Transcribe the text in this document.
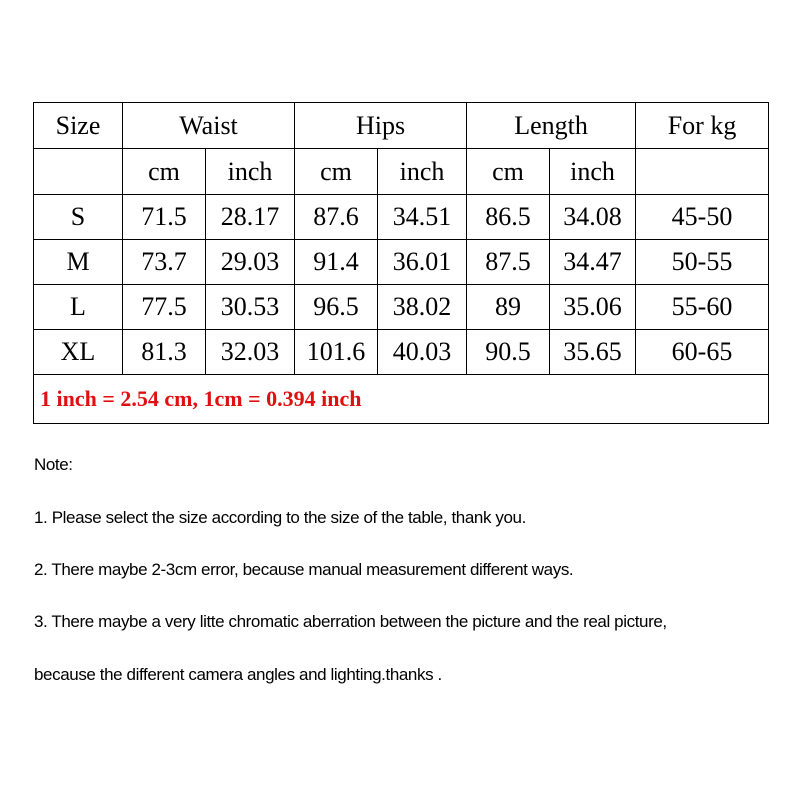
Size	Waist		Hips		Length		For kg
	cm	inch	cm	inch	cm	inch	
S	71.5	28.17	87.6	34.51	86.5	34.08	45-50
M	73.7	29.03	91.4	36.01	87.5	34.47	50-55
L	77.5	30.53	96.5	38.02	89	35.06	55-60
XL	81.3	32.03	101.6	40.03	90.5	35.65	60-65
1 inch = 2.54 cm, 1cm = 0.394 inch							

Note:

1. Please select the size according to the size of the table, thank you.

2. There maybe 2-3cm error, because manual measurement different ways.

3. There maybe a very litte chromatic aberration between the picture and the real picture,

because the different camera angles and lighting.thanks .
